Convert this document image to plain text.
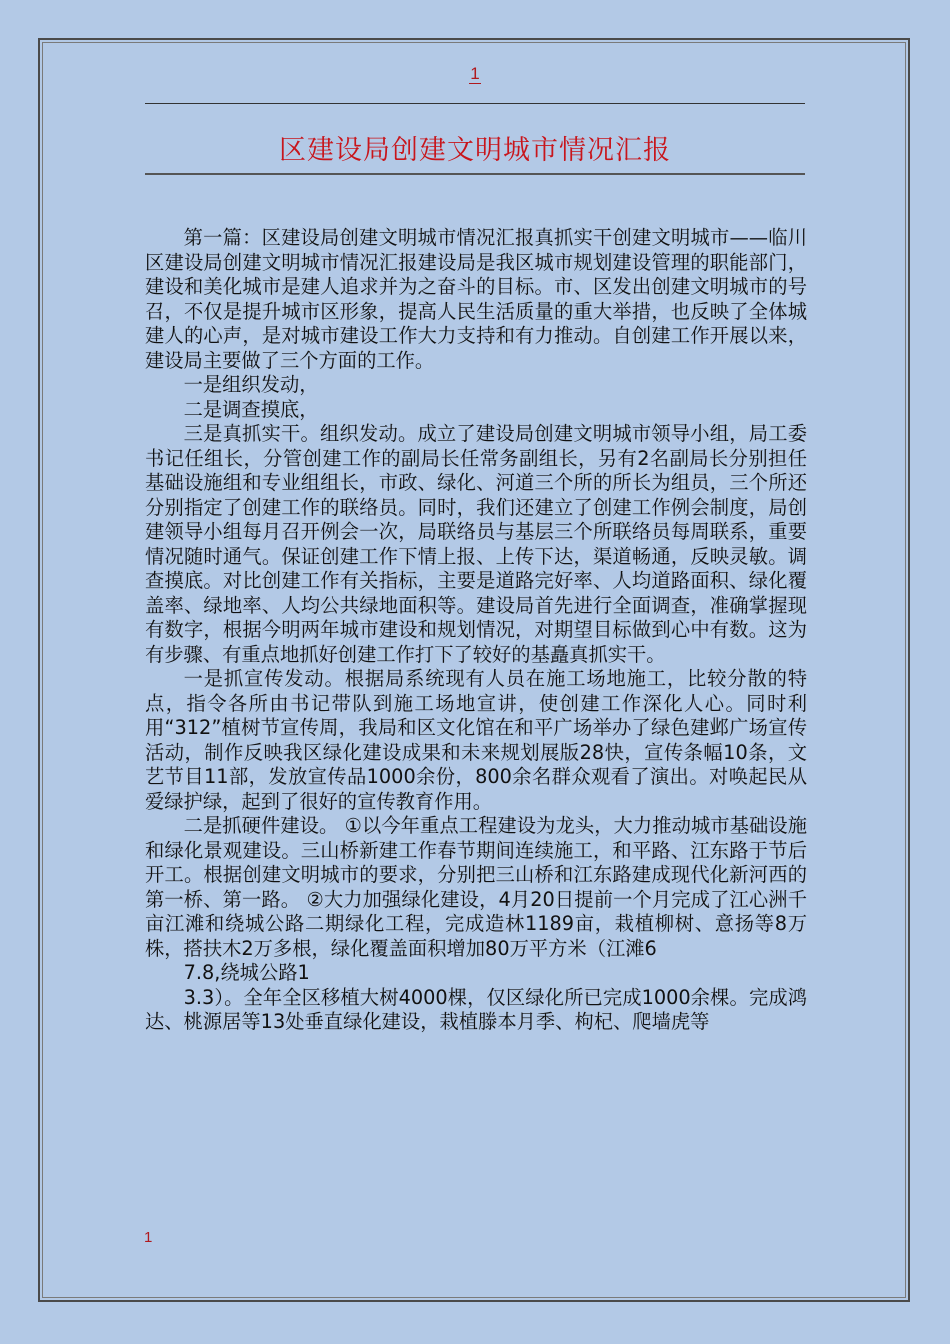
1
区建设局创建文明城市情况汇报

第一篇：区建设局创建文明城市情况汇报真抓实干创建文明城市——临川区建设局创建文明城市情况汇报建设局是我区城市规划建设管理的职能部门，建设和美化城市是建人追求并为之奋斗的目标。市、区发出创建文明城市的号召，不仅是提升城市区形象，提高人民生活质量的重大举措，也反映了全体城建人的心声，是对城市建设工作大力支持和有力推动。自创建工作开展以来，建设局主要做了三个方面的工作。

一是组织发动，

二是调查摸底，

三是真抓实干。组织发动。成立了建设局创建文明城市领导小组，局工委书记任组长，分管创建工作的副局长任常务副组长，另有2名副局长分别担任基础设施组和专业组组长，市政、绿化、河道三个所的所长为组员，三个所还分别指定了创建工作的联络员。同时，我们还建立了创建工作例会制度，局创建领导小组每月召开例会一次，局联络员与基层三个所联络员每周联系，重要情况随时通气。保证创建工作下情上报、上传下达，渠道畅通，反映灵敏。调查摸底。对比创建工作有关指标，主要是道路完好率、人均道路面积、绿化覆盖率、绿地率、人均公共绿地面积等。建设局首先进行全面调查，准确掌握现有数字，根据今明两年城市建设和规划情况，对期望目标做到心中有数。这为有步骤、有重点地抓好创建工作打下了较好的基矗真抓实干。

一是抓宣传发动。根据局系统现有人员在施工场地施工，比较分散的特点，指令各所由书记带队到施工场地宣讲，使创建工作深化人心。同时利用“312”植树节宣传周，我局和区文化馆在和平广场举办了绿色建邺广场宣传活动，制作反映我区绿化建设成果和未来规划展版28快，宣传条幅10条，文艺节目11部，发放宣传品1000余份，800余名群众观看了演出。对唤起民从爱绿护绿，起到了很好的宣传教育作用。

二是抓硬件建设。 ①以今年重点工程建设为龙头，大力推动城市基础设施和绿化景观建设。三山桥新建工作春节期间连续施工，和平路、江东路于节后开工。根据创建文明城市的要求，分别把三山桥和江东路建成现代化新河西的第一桥、第一路。 ②大力加强绿化建设，4月20日提前一个月完成了江心洲千亩江滩和绕城公路二期绿化工程，完成造林1189亩，栽植柳树、意扬等8万株，搭扶木2万多根，绿化覆盖面积增加80万平方米（江滩6

7.8,绕城公路1

3.3）。全年全区移植大树4000棵，仅区绿化所已完成1000余棵。完成鸿达、桃源居等13处垂直绿化建设，栽植滕本月季、枸杞、爬墙虎等

1
